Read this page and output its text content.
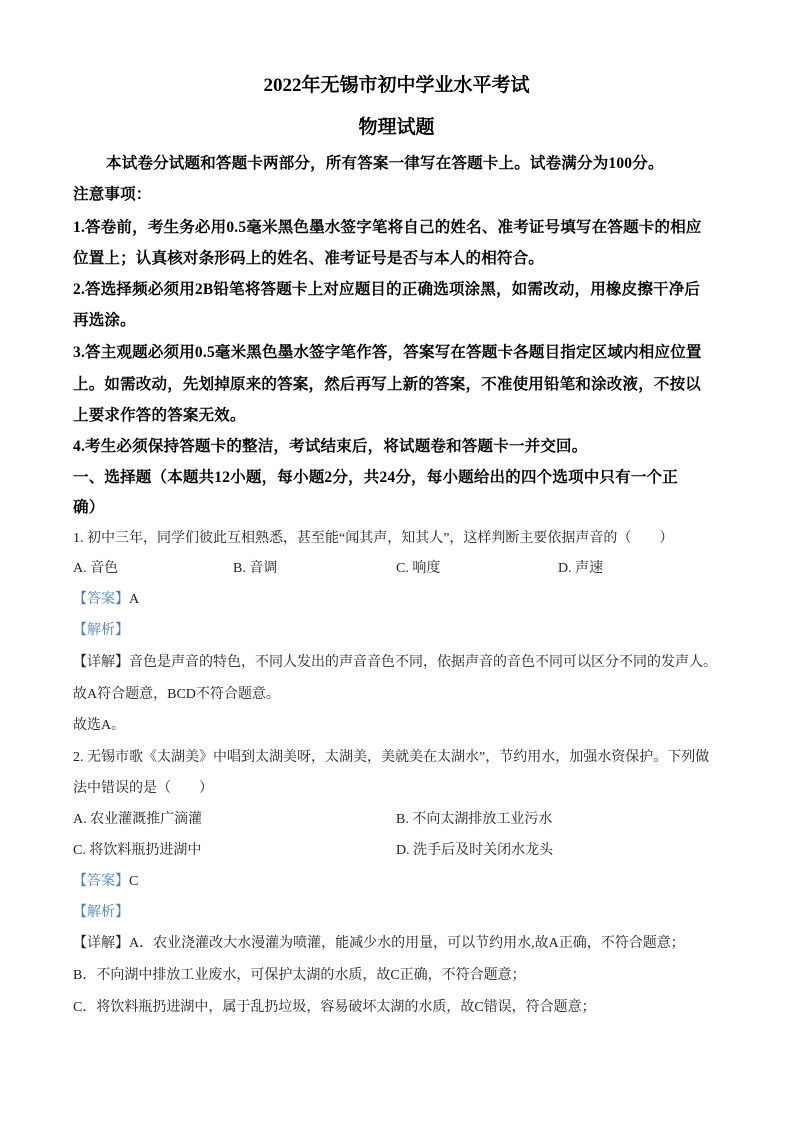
2022年无锡市初中学业水平考试
物理试题
本试卷分试题和答题卡两部分，所有答案一律写在答题卡上。试卷满分为100分。
注意事项：
1.答卷前，考生务必用0.5毫米黑色墨水签字笔将自己的姓名、准考证号填写在答题卡的相应
位置上；认真核对条形码上的姓名、准考证号是否与本人的相符合。
2.答选择频必须用2B铅笔将答题卡上对应题目的正确选项涂黑，如需改动，用橡皮擦干净后
再选涂。
3.答主观题必须用0.5毫米黑色墨水签字笔作答，答案写在答题卡各题目指定区域内相应位置
上。如需改动，先划掉原来的答案，然后再写上新的答案，不准使用铅笔和涂改液，不按以
上要求作答的答案无效。
4.考生必须保持答题卡的整洁，考试结束后，将试题卷和答题卡一并交回。
一、选择题（本题共12小题，每小题2分，共24分，每小题给出的四个选项中只有一个正
确）
1. 初中三年，同学们彼此互相熟悉，甚至能“闻其声，知其人”，这样判断主要依据声音的（　　）
A. 音色	B. 音调	C. 响度	D. 声速
【答案】A
【解析】
【详解】音色是声音的特色，不同人发出的声音音色不同，依据声音的音色不同可以区分不同的发声人。
故A符合题意，BCD不符合题意。
故选A。
2. 无锡市歌《太湖美》中唱到太湖美呀，太湖美，美就美在太湖水”，节约用水，加强水资保护。下列做
法中错误的是（　　）
A. 农业灌溉推广滴灌	B. 不向太湖排放工业污水
C. 将饮料瓶扔进湖中	D. 洗手后及时关闭水龙头
【答案】C
【解析】
【详解】A．农业浇灌改大水漫灌为喷灌，能减少水的用量，可以节约用水,故A正确，不符合题意；
B．不向湖中排放工业废水，可保护太湖的水质，故C正确，不符合题意；
C．将饮料瓶扔进湖中，属于乱扔垃圾，容易破坏太湖的水质，故C错误，符合题意；
